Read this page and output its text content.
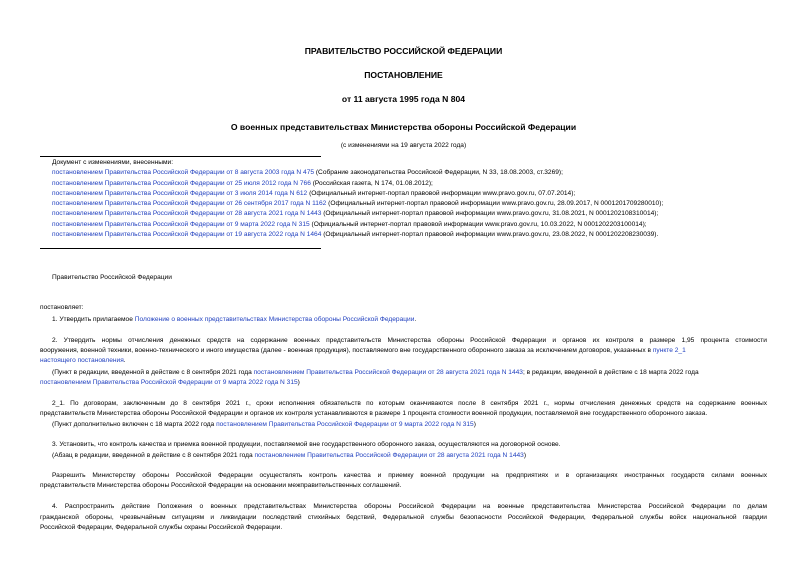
ПРАВИТЕЛЬСТВО РОССИЙСКОЙ ФЕДЕРАЦИИ
ПОСТАНОВЛЕНИЕ
от 11 августа 1995 года N 804
О военных представительствах Министерства обороны Российской Федерации
(с изменениями на 19 августа 2022 года)
Документ с изменениями, внесенными:
постановлением Правительства Российской Федерации от 8 августа 2003 года N 475 (Собрание законодательства Российской Федерации, N 33, 18.08.2003, ст.3269);
постановлением Правительства Российской Федерации от 25 июля 2012 года N 766 (Российская газета, N 174, 01.08.2012);
постановлением Правительства Российской Федерации от 3 июля 2014 года N 612 (Официальный интернет-портал правовой информации www.pravo.gov.ru, 07.07.2014);
постановлением Правительства Российской Федерации от 26 сентября 2017 года N 1162 (Официальный интернет-портал правовой информации www.pravo.gov.ru, 28.09.2017, N 0001201709280010);
постановлением Правительства Российской Федерации от 28 августа 2021 года N 1443 (Официальный интернет-портал правовой информации www.pravo.gov.ru, 31.08.2021, N 0001202108310014);
постановлением Правительства Российской Федерации от 9 марта 2022 года N 315 (Официальный интернет-портал правовой информации www.pravo.gov.ru, 10.03.2022, N 0001202203100014);
постановлением Правительства Российской Федерации от 19 августа 2022 года N 1464 (Официальный интернет-портал правовой информации www.pravo.gov.ru, 23.08.2022, N 0001202208230039).
Правительство Российской Федерации
постановляет:
1. Утвердить прилагаемое Положение о военных представительствах Министерства обороны Российской Федерации.
2. Утвердить нормы отчисления денежных средств на содержание военных представительств Министерства обороны Российской Федерации и органов их контроля в размере 1,95 процента стоимости
вооружения, военной техники, военно-технического и иного имущества (далее - военная продукция), поставляемого вне государственного оборонного заказа за исключением договоров, указанных в пункте 2_1
настоящего постановления.
(Пункт в редакции, введенной в действие с 8 сентября 2021 года постановлением Правительства Российской Федерации от 28 августа 2021 года N 1443; в редакции, введенной в действие с 18 марта 2022 года
постановлением Правительства Российской Федерации от 9 марта 2022 года N 315)
2_1. По договорам, заключенным до 8 сентября 2021 г., сроки исполнения обязательств по которым оканчиваются после 8 сентября 2021 г., нормы отчисления денежных средств на содержание военных
представительств Министерства обороны Российской Федерации и органов их контроля устанавливаются в размере 1 процента стоимости военной продукции, поставляемой вне государственного оборонного заказа.
(Пункт дополнительно включен с 18 марта 2022 года постановлением Правительства Российской Федерации от 9 марта 2022 года N 315)
3. Установить, что контроль качества и приемка военной продукции, поставляемой вне государственного оборонного заказа, осуществляются на договорной основе.
(Абзац в редакции, введенной в действие с 8 сентября 2021 года постановлением Правительства Российской Федерации от 28 августа 2021 года N 1443)
Разрешить Министерству обороны Российской Федерации осуществлять контроль качества и приемку военной продукции на предприятиях и в организациях иностранных государств силами военных
представительств Министерства обороны Российской Федерации на основании межправительственных соглашений.
4. Распространить действие Положения о военных представительствах Министерства обороны Российской Федерации на военные представительства Министерства Российской Федерации по делам
гражданской обороны, чрезвычайным ситуациям и ликвидации последствий стихийных бедствий, Федеральной службы безопасности Российской Федерации, Федеральной службы войск национальной гвардии
Российской Федерации, Федеральной службы охраны Российской Федерации.
